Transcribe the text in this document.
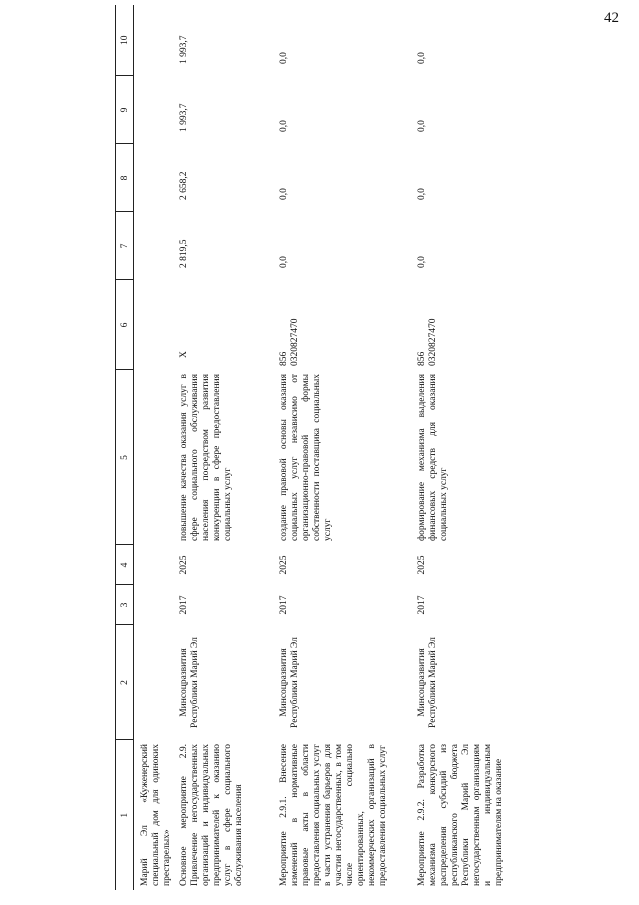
42
1	2	3	4	5	6	7	8	9	10
Марий Эл «Куженерский специальный дом для одиноких престарелых»									
Основное мероприятие 2.9. Привлечение негосударственных организаций и индивидуальных предпринимателей к оказанию услуг в сфере социального обслуживания населения	Минсоцразвития Республики Марий Эл	2017	2025	повышение качества оказания услуг в сфере социального обслуживания населения посредством развития конкуренции в сфере предоставления социальных услуг	Х	2 819,5	2 658,2	1 993,7	1 993,7
Мероприятие 2.9.1. Внесение изменений в нормативные правовые акты в области предоставления социальных услуг в части устранения барьеров для участия негосударственных, в том числе социально ориентированных, некоммерческих организаций в предоставлении социальных услуг	Минсоцразвития Республики Марий Эл	2017	2025	создание правовой основы оказания социальных услуг независимо от организационно-правовой формы собственности поставщика социальных услуг	8560320827470	0,0	0,0	0,0	0,0
Мероприятие 2.9.2. Разработка механизма конкурсного распределения субсидий из республиканского бюджета Республики Марий Эл негосударственным организациям и индивидуальным предпринимателям на оказание	Минсоцразвития Республики Марий Эл	2017	2025	формирование механизма выделения финансовых средств для оказания социальных услуг	8560320827470	0,0	0,0	0,0	0,0
